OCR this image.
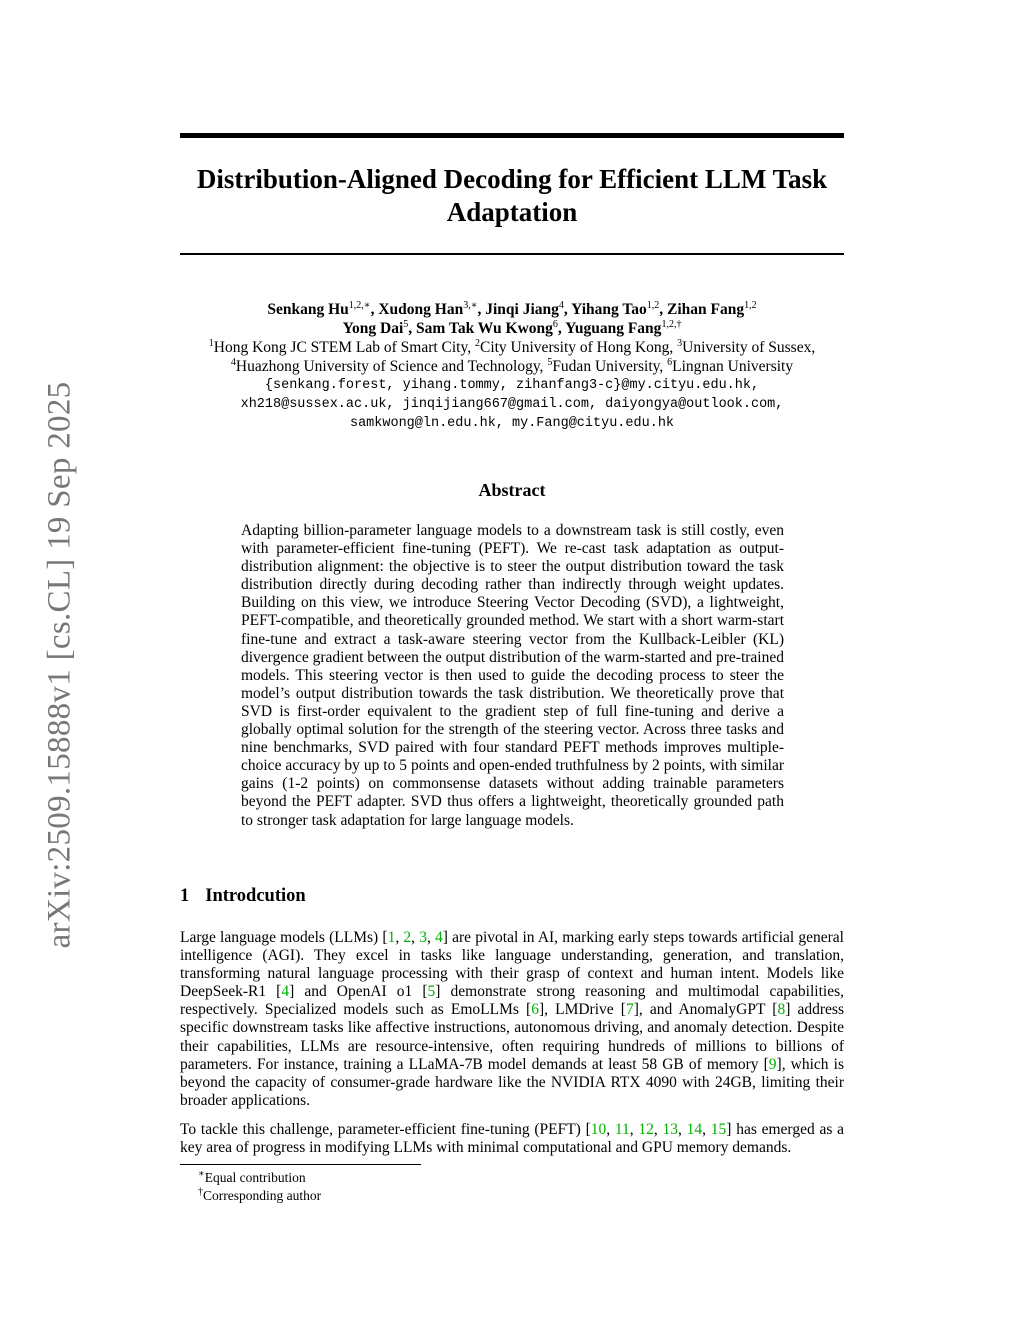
arXiv:2509.15888v1 [cs.CL] 19 Sep 2025
Distribution-Aligned Decoding for Efficient LLM Task Adaptation
Senkang $Hu^{1,2,∗}$, Xudong Han$^{3,∗}$, Jinqi Jiang$^4$, Yihang Tao$^{1,2}$, Zihan Fang$^{1,2}$
Yong Dai$^5$, Sam Tak Wu Kwong$^6$, Yuguang Fang$^{1,2,\dagger}$
$^1$Hong Kong JC STEM Lab of Smart City, $^2$City University of Hong Kong, $^3$University of Sussex,
$^4$Huazhong University of Science and Technology, $^5$Fudan University, $^6$Lingnan University
{senkang.forest, yihang.tommy, zihanfang3-c}@my.cityu.edu.hk,
xh218@sussex.ac.uk, jinqijiang667@gmail.com, daiyongya@outlook.com,
samkwong@ln.edu.hk, my.Fang@cityu.edu.hk
Abstract
Adapting billion-parameter language models to a downstream task is still costly, even with parameter-efficient fine-tuning (PEFT). We re-cast task adaptation as output-distribution alignment: the objective is to steer the output distribution toward the task distribution directly during decoding rather than indirectly through weight updates. Building on this view, we introduce Steering Vector Decoding (SVD), a lightweight, PEFT-compatible, and theoretically grounded method. We start with a short warm-start fine-tune and extract a task-aware steering vector from the Kullback-Leibler (KL) divergence gradient between the output distribution of the warm-started and pre-trained models. This steering vector is then used to guide the decoding process to steer the model’s output distribution towards the task distribution. We theoretically prove that SVD is first-order equivalent to the gradient step of full fine-tuning and derive a globally optimal solution for the strength of the steering vector. Across three tasks and nine benchmarks, SVD paired with four standard PEFT methods improves multiple-choice accuracy by up to 5 points and open-ended truthfulness by 2 points, with similar gains (1-2 points) on commonsense datasets without adding trainable parameters beyond the PEFT adapter. SVD thus offers a lightweight, theoretically grounded path to stronger task adaptation for large language models.
1 Introdcution

Large language models (LLMs) [1, 2, 3, 4] are pivotal in AI, marking early steps towards artificial general intelligence (AGI). They excel in tasks like language understanding, generation, and translation, transforming natural language processing with their grasp of context and human intent. Models like DeepSeek-R1 [4] and OpenAI o1 [5] demonstrate strong reasoning and multimodal capabilities, respectively. Specialized models such as EmoLLMs [6], LMDrive [7], and AnomalyGPT [8] address specific downstream tasks like affective instructions, autonomous driving, and anomaly detection. Despite their capabilities, LLMs are resource-intensive, often requiring hundreds of millions to billions of parameters. For instance, training a LLaMA-7B model demands at least 58 GB of memory [9], which is beyond the capacity of consumer-grade hardware like the NVIDIA RTX 4090 with 24GB, limiting their broader applications.

To tackle this challenge, parameter-efficient fine-tuning (PEFT) [10, 11, 12, 13, 14, 15] has emerged as a key area of progress in modifying LLMs with minimal computational and GPU memory demands.

∗Equal contribution
†Corresponding author
